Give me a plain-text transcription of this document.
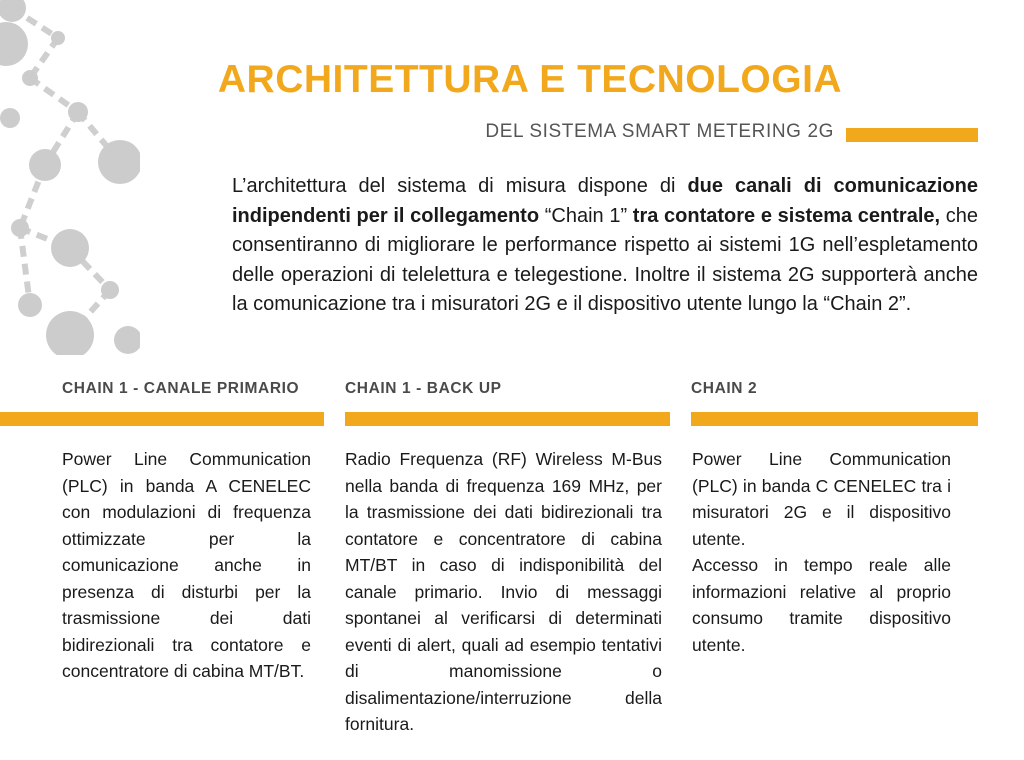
ARCHITETTURA E TECNOLOGIA
DEL SISTEMA SMART METERING 2G
L’architettura del sistema di misura dispone di due canali di comunicazione indipendenti per il collegamento “Chain 1” tra contatore e sistema centrale, che consentiranno di migliorare le performance rispetto ai sistemi 1G nell’espletamento delle operazioni di telelettura e telegestione. Inoltre il sistema 2G supporterà anche la comunicazione tra i misuratori 2G e il dispositivo utente lungo la “Chain 2”.
CHAIN 1 - CANALE PRIMARIO

Power Line Communication (PLC) in banda A CENELEC con modulazioni di frequenza ottimizzate per la comunicazione anche in presenza di disturbi per la trasmissione dei dati bidirezionali tra contatore e concentratore di cabina MT/BT.

CHAIN 1 - BACK UP

Radio Frequenza (RF) Wireless M-Bus nella banda di frequenza 169 MHz, per la trasmissione dei dati bidirezionali tra contatore e concentratore di cabina MT/BT in caso di indisponibilità del canale primario. Invio di messaggi spontanei al verificarsi di determinati eventi di alert, quali ad esempio tentativi di manomissione o disalimentazione/interruzione della fornitura.

CHAIN 2

Power Line Communication (PLC) in banda C CENELEC tra i misuratori 2G e il dispositivo utente.

Accesso in tempo reale alle informazioni relative al proprio consumo tramite dispositivo utente.
